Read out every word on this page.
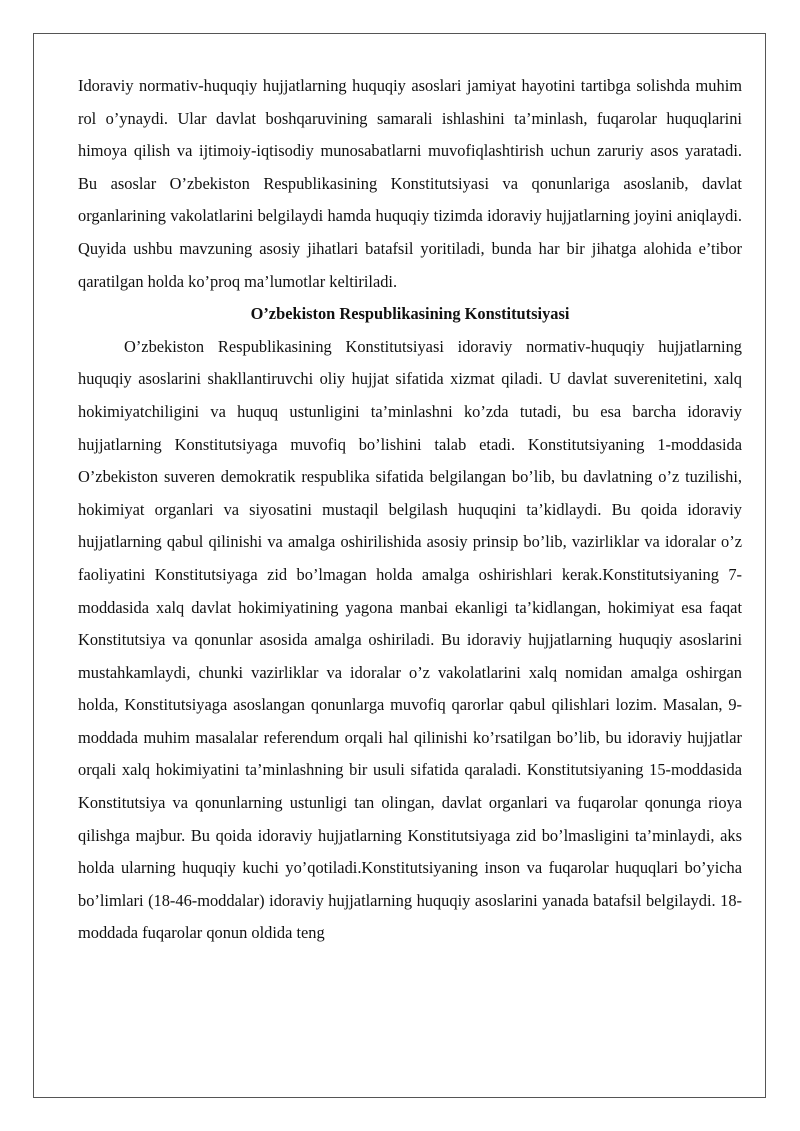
Idoraviy normativ-huquqiy hujjatlarning huquqiy asoslari jamiyat hayotini tartibga solishda muhim rol o’ynaydi. Ular davlat boshqaruvining samarali ishlashini ta’minlash, fuqarolar huquqlarini himoya qilish va ijtimoiy-iqtisodiy munosabatlarni muvofiqlashtirish uchun zaruriy asos yaratadi. Bu asoslar O’zbekiston Respublikasining Konstitutsiyasi va qonunlariga asoslanib, davlat organlarining vakolatlarini belgilaydi hamda huquqiy tizimda idoraviy hujjatlarning joyini aniqlaydi. Quyida ushbu mavzuning asosiy jihatlari batafsil yoritiladi, bunda har bir jihatga alohida e’tibor qaratilgan holda ko’proq ma’lumotlar keltiriladi.

O’zbekiston Respublikasining Konstitutsiyasi

O’zbekiston Respublikasining Konstitutsiyasi idoraviy normativ-huquqiy hujjatlarning huquqiy asoslarini shakllantiruvchi oliy hujjat sifatida xizmat qiladi. U davlat suverenitetini, xalq hokimiyatchiligini va huquq ustunligini ta’minlashni ko’zda tutadi, bu esa barcha idoraviy hujjatlarning Konstitutsiyaga muvofiq bo’lishini talab etadi. Konstitutsiyaning 1-moddasida O’zbekiston suveren demokratik respublika sifatida belgilangan bo’lib, bu davlatning o’z tuzilishi, hokimiyat organlari va siyosatini mustaqil belgilash huquqini ta’kidlaydi. Bu qoida idoraviy hujjatlarning qabul qilinishi va amalga oshirilishida asosiy prinsip bo’lib, vazirliklar va idoralar o’z faoliyatini Konstitutsiyaga zid bo’lmagan holda amalga oshirishlari kerak.Konstitutsiyaning 7-moddasida xalq davlat hokimiyatining yagona manbai ekanligi ta’kidlangan, hokimiyat esa faqat Konstitutsiya va qonunlar asosida amalga oshiriladi. Bu idoraviy hujjatlarning huquqiy asoslarini mustahkamlaydi, chunki vazirliklar va idoralar o’z vakolatlarini xalq nomidan amalga oshirgan holda, Konstitutsiyaga asoslangan qonunlarga muvofiq qarorlar qabul qilishlari lozim. Masalan, 9-moddada muhim masalalar referendum orqali hal qilinishi ko’rsatilgan bo’lib, bu idoraviy hujjatlar orqali xalq hokimiyatini ta’minlashning bir usuli sifatida qaraladi. Konstitutsiyaning 15-moddasida Konstitutsiya va qonunlarning ustunligi tan olingan, davlat organlari va fuqarolar qonunga rioya qilishga majbur. Bu qoida idoraviy hujjatlarning Konstitutsiyaga zid bo’lmasligini ta’minlaydi, aks holda ularning huquqiy kuchi yo’qotiladi.Konstitutsiyaning inson va fuqarolar huquqlari bo’yicha bo’limlari (18-46-moddalar) idoraviy hujjatlarning huquqiy asoslarini yanada batafsil belgilaydi. 18-moddada fuqarolar qonun oldida teng
